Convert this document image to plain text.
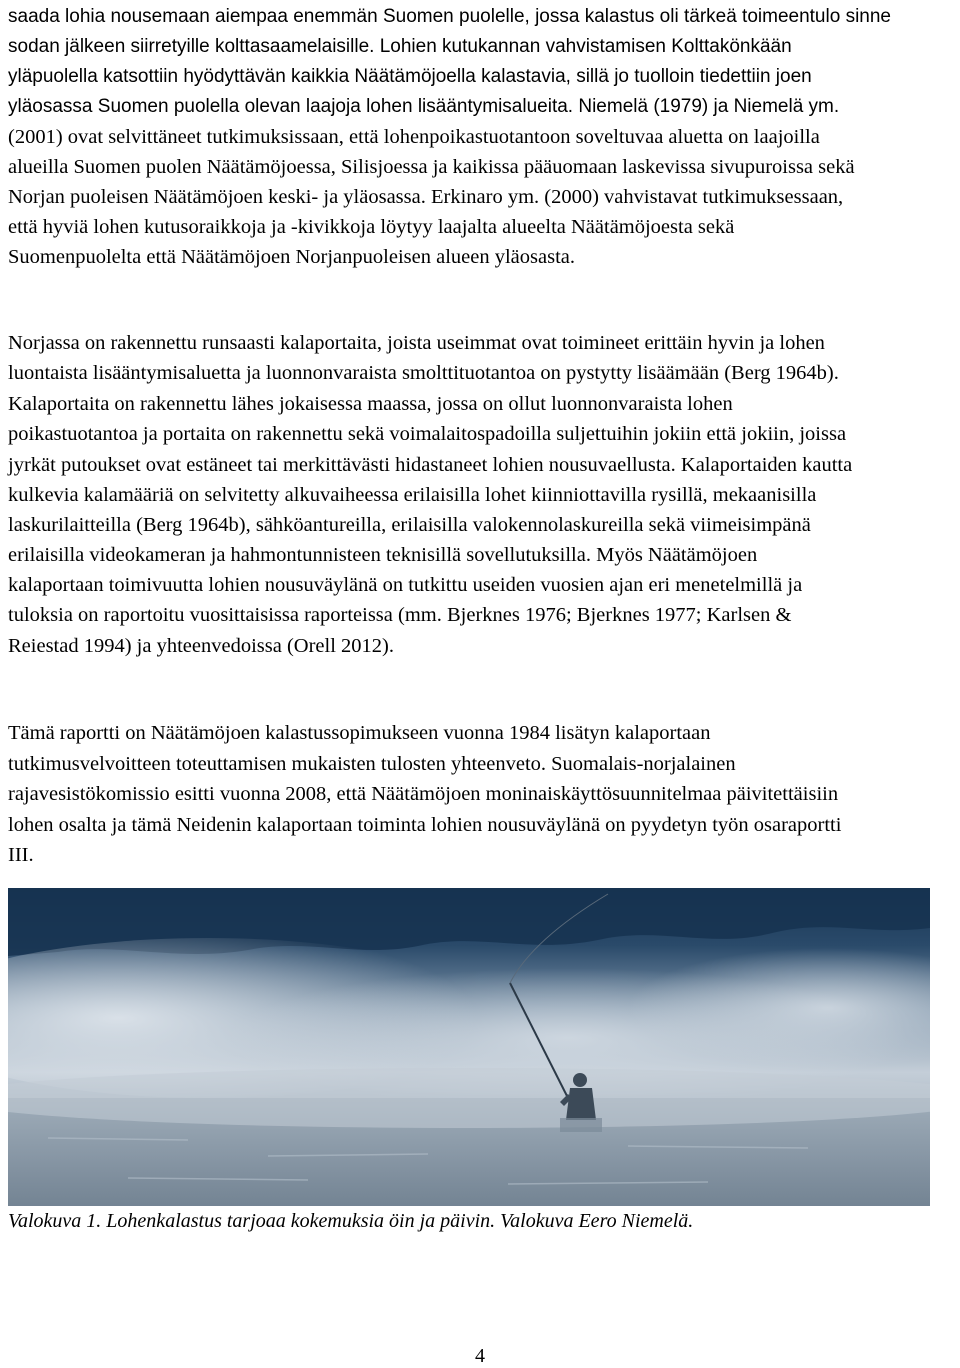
saada lohia nousemaan aiempaa enemmän Suomen puolelle, jossa kalastus oli tärkeä toimeentulo sinne
sodan jälkeen siirretyille kolttasaamelaisille. Lohien kutukannan vahvistamisen Kolttakönkään
yläpuolella katsottiin hyödyttävän kaikkia Näätämöjoella kalastavia, sillä jo tuolloin tiedettiin joen
yläosassa Suomen puolella olevan laajoja lohen lisääntymisalueita. Niemelä (1979) ja Niemelä ym.
(2001) ovat selvittäneet tutkimuksissaan, että lohenpoikastuotantoon soveltuvaa aluetta on laajoilla
alueilla Suomen puolen Näätämöjoessa, Silisjoessa ja kaikissa pääuomaan laskevissa sivupuroissa sekä
Norjan puoleisen Näätämöjoen keski- ja yläosassa. Erkinaro ym. (2000) vahvistavat tutkimuksessaan,
että hyviä lohen kutusoraikkoja ja -kivikkoja löytyy laajalta alueelta Näätämöjoesta sekä
Suomenpuolelta että Näätämöjoen Norjanpuoleisen alueen yläosasta.
Norjassa on rakennettu runsaasti kalaportaita, joista useimmat ovat toimineet erittäin hyvin ja lohen
luontaista lisääntymisaluetta ja luonnonvaraista smolttituotantoa on pystytty lisäämään (Berg 1964b).
Kalaportaita on rakennettu lähes jokaisessa maassa, jossa on ollut luonnonvaraista lohen
poikastuotantoa ja portaita on rakennettu sekä voimalaitospadoilla suljettuihin jokiin että jokiin, joissa
jyrkät putoukset ovat estäneet tai merkittävästi hidastaneet lohien nousuvaellusta. Kalaportaiden kautta
kulkevia kalamääriä on selvitetty alkuvaiheessa erilaisilla lohet kiinniottavilla rysillä, mekaanisilla
laskurilaitteilla (Berg 1964b), sähköantureilla, erilaisilla valokennolaskureilla sekä viimeisimpänä
erilaisilla videokameran ja hahmontunnisteen teknisillä sovellutuksilla. Myös Näätämöjoen
kalaportaan toimivuutta lohien nousuväylänä on tutkittu useiden vuosien ajan eri menetelmillä ja
tuloksia on raportoitu vuosittaisissa raporteissa (mm. Bjerknes 1976; Bjerknes 1977; Karlsen &
Reiestad 1994) ja yhteenvedoissa (Orell 2012).
Tämä raportti on Näätämöjoen kalastussopimukseen vuonna 1984 lisätyn kalaportaan
tutkimusvelvoitteen toteuttamisen mukaisten tulosten yhteenveto. Suomalais-norjalainen
rajavesistökomissio esitti vuonna 2008, että Näätämöjoen moninaiskäyttösuunnitelmaa päivitettäisiin
lohen osalta ja tämä Neidenin kalaportaan toiminta lohien nousuväylänä on pyydetyn työn osaraportti
III.
Valokuva 1. Lohenkalastus tarjoaa kokemuksia öin ja päivin. Valokuva Eero Niemelä.
4
